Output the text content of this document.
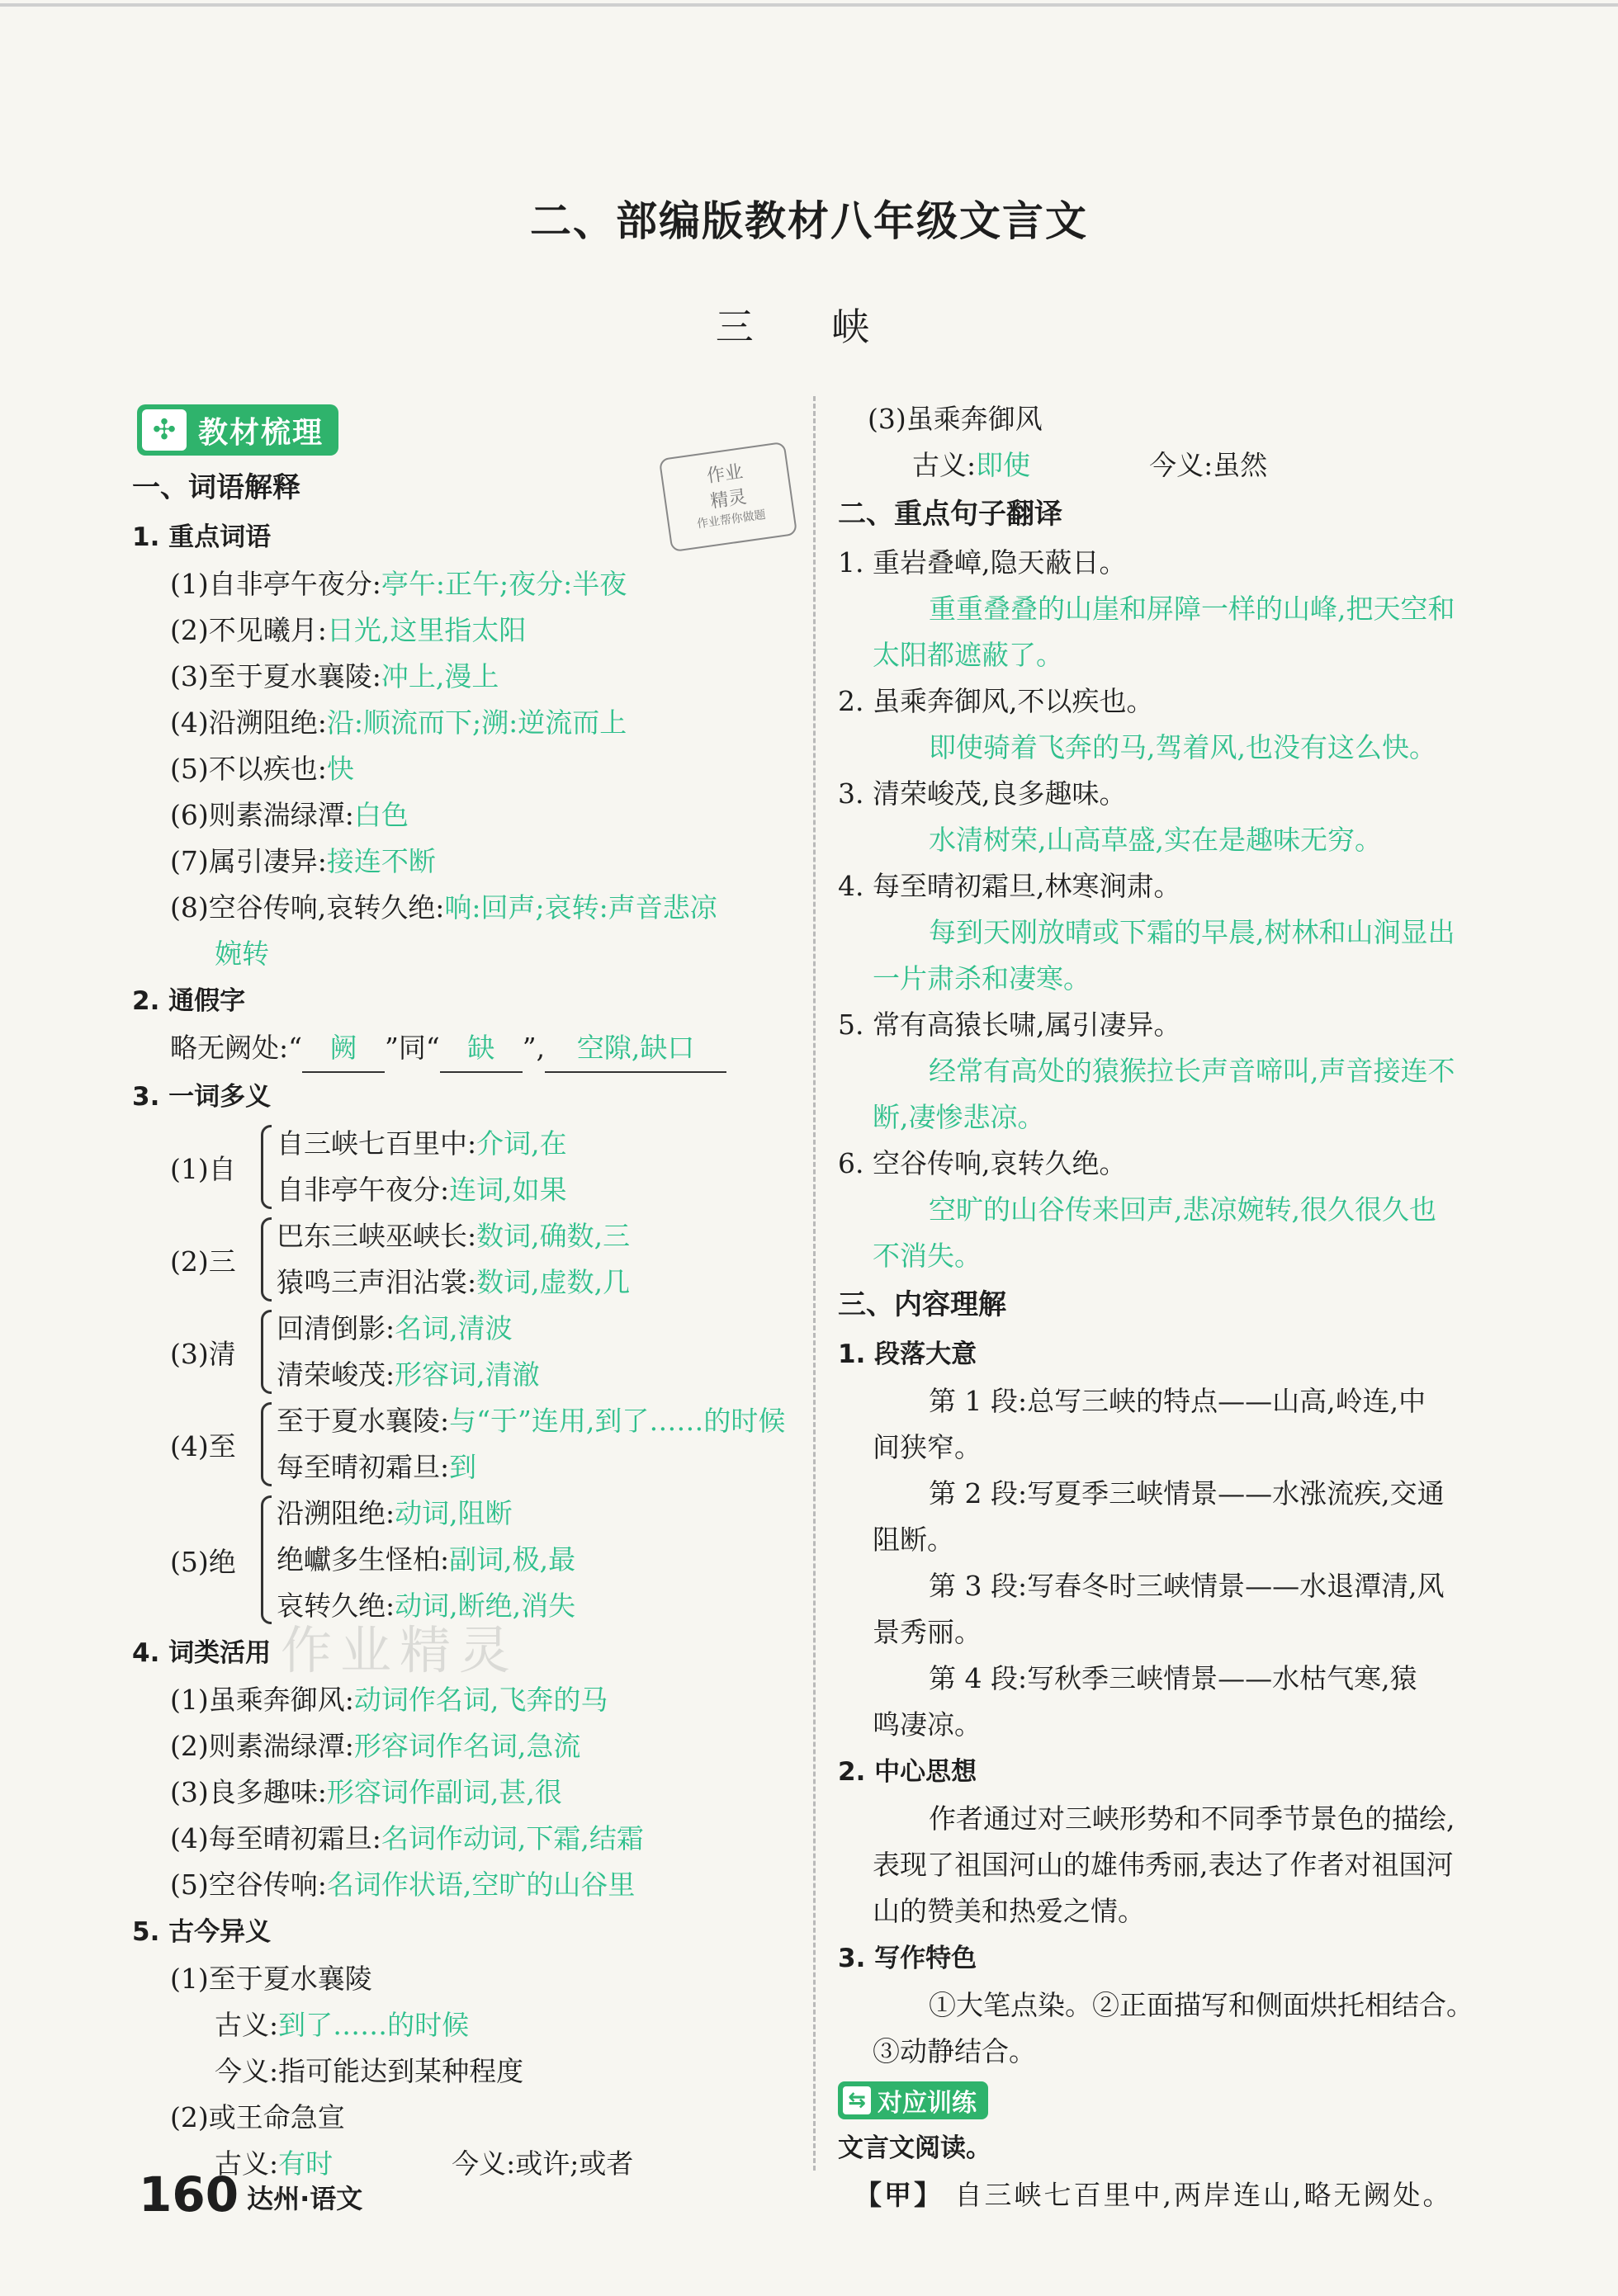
二、部编版教材八年级文言文
三 峡
作业
精灵
作业帮你做题
✣ 教材梳理
一、词语解释
1. 重点词语
(1)自非亭午夜分:亭午:正午;夜分:半夜
(2)不见曦月:日光,这里指太阳
(3)至于夏水襄陵:冲上,漫上
(4)沿溯阻绝:沿:顺流而下;溯:逆流而上
(5)不以疾也:快
(6)则素湍绿潭:白色
(7)属引凄异:接连不断
(8)空谷传响,哀转久绝:响:回声;哀转:声音悲凉
婉转
2. 通假字
略无阙处:“ 阙 ”同“ 缺 ”, 空隙,缺口
3. 一词多义
(1)自
自三峡七百里中:介词,在
自非亭午夜分:连词,如果
(2)三
巴东三峡巫峡长:数词,确数,三
猿鸣三声泪沾裳:数词,虚数,几
(3)清
回清倒影:名词,清波
清荣峻茂:形容词,清澈
(4)至
至于夏水襄陵:与“于”连用,到了……的时候
每至晴初霜旦:到
(5)绝
沿溯阻绝:动词,阻断
绝巘多生怪柏:副词,极,最
哀转久绝:动词,断绝,消失
4. 词类活用
(1)虽乘奔御风:动词作名词,飞奔的马
(2)则素湍绿潭:形容词作名词,急流
(3)良多趣味:形容词作副词,甚,很
(4)每至晴初霜旦:名词作动词,下霜,结霜
(5)空谷传响:名词作状语,空旷的山谷里
5. 古今异义
(1)至于夏水襄陵
古义:到了……的时候
今义:指可能达到某种程度
(2)或王命急宣
古义:有时	今义:或许;或者
作业精灵
(3)虽乘奔御风
古义:即使	今义:虽然
二、重点句子翻译
1. 重岩叠嶂,隐天蔽日。
重重叠叠的山崖和屏障一样的山峰,把天空和
太阳都遮蔽了。
2. 虽乘奔御风,不以疾也。
即使骑着飞奔的马,驾着风,也没有这么快。
3. 清荣峻茂,良多趣味。
水清树荣,山高草盛,实在是趣味无穷。
4. 每至晴初霜旦,林寒涧肃。
每到天刚放晴或下霜的早晨,树林和山涧显出
一片肃杀和凄寒。
5. 常有高猿长啸,属引凄异。
经常有高处的猿猴拉长声音啼叫,声音接连不
断,凄惨悲凉。
6. 空谷传响,哀转久绝。
空旷的山谷传来回声,悲凉婉转,很久很久也
不消失。
三、内容理解
1. 段落大意
第 1 段:总写三峡的特点——山高,岭连,中
间狭窄。
第 2 段:写夏季三峡情景——水涨流疾,交通
阻断。
第 3 段:写春冬时三峡情景——水退潭清,风
景秀丽。
第 4 段:写秋季三峡情景——水枯气寒,猿
鸣凄凉。
2. 中心思想
作者通过对三峡形势和不同季节景色的描绘,
表现了祖国河山的雄伟秀丽,表达了作者对祖国河
山的赞美和热爱之情。
3. 写作特色
①大笔点染。②正面描写和侧面烘托相结合。
③动静结合。
⇆ 对应训练
文言文阅读。
【甲】 自三峡七百里中,两岸连山,略无阙处。
160 达州·语文
